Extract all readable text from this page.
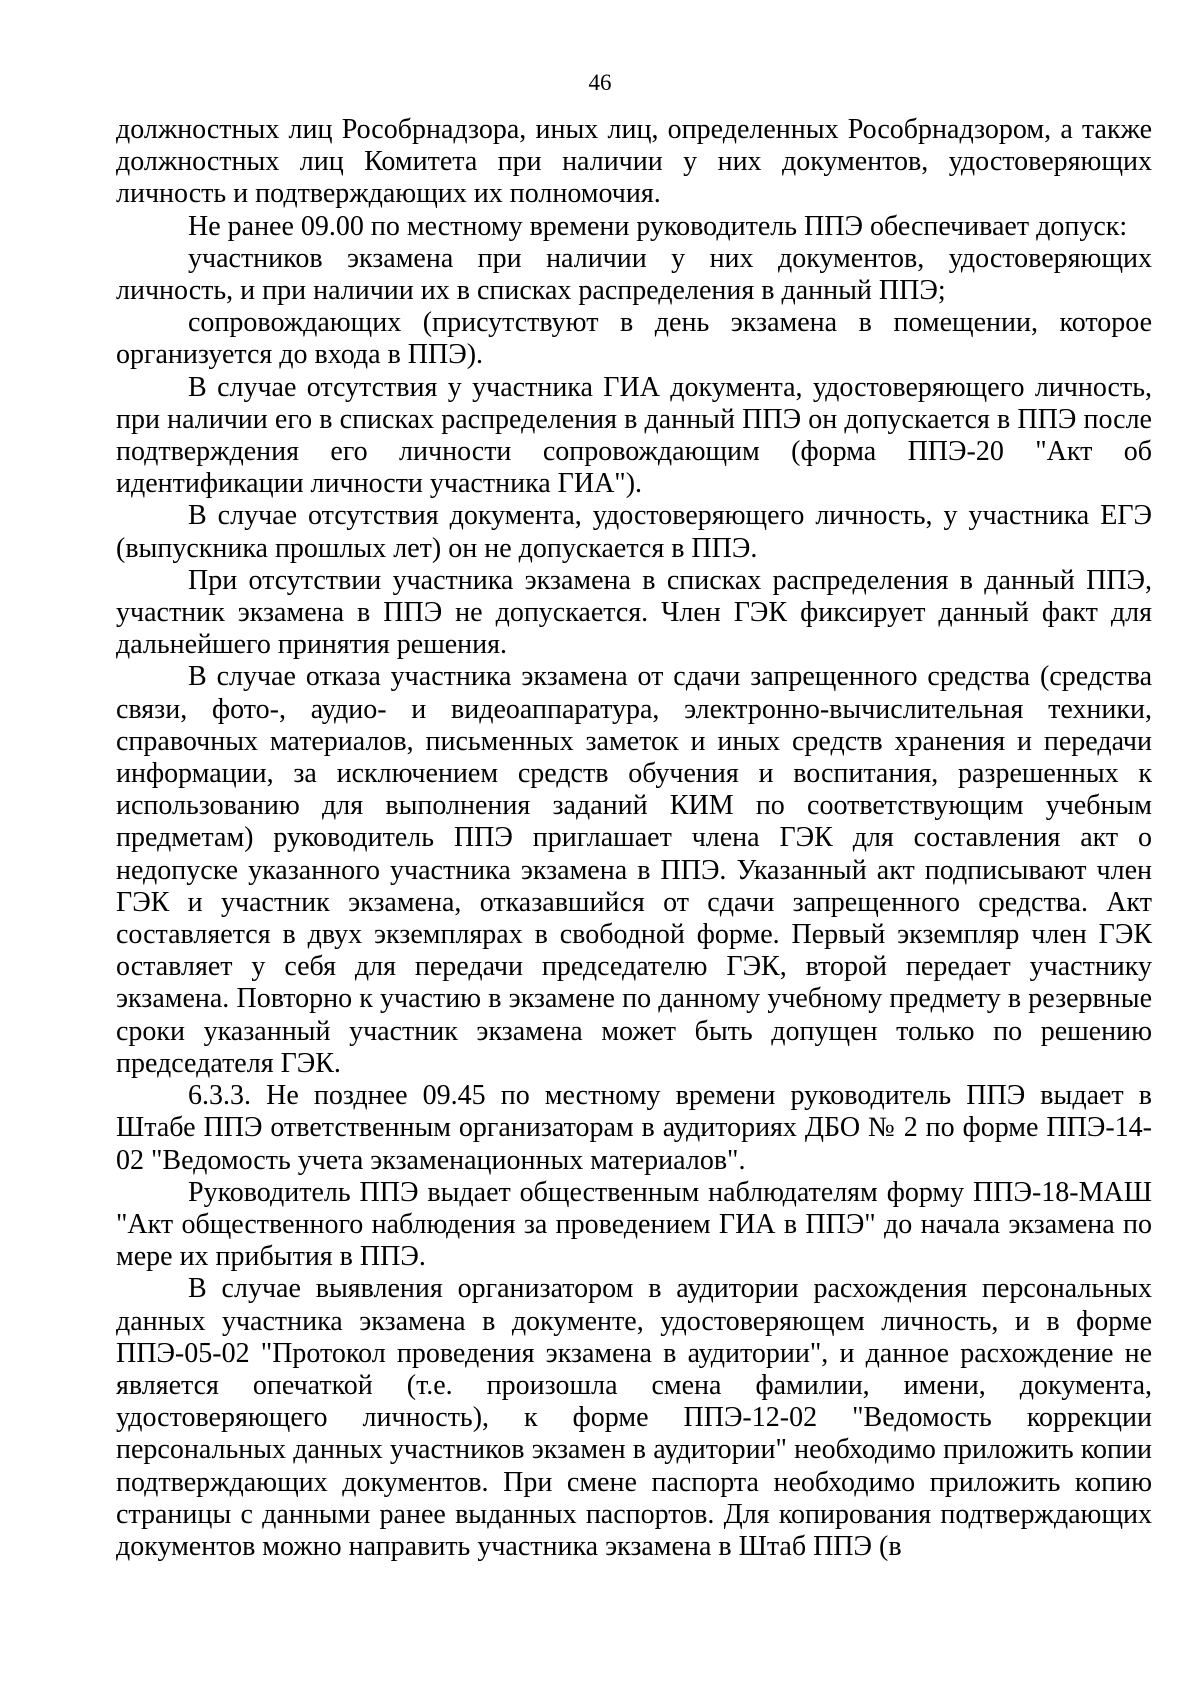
46

должностных лиц Рособрнадзора, иных лиц, определенных Рособрнадзором, а также должностных лиц Комитета при наличии у них документов, удостоверяющих личность и подтверждающих их полномочия.

Не ранее 09.00 по местному времени руководитель ППЭ обеспечивает допуск:

участников экзамена при наличии у них документов, удостоверяющих личность, и при наличии их в списках распределения в данный ППЭ;

сопровождающих (присутствуют в день экзамена в помещении, которое организуется до входа в ППЭ).

В случае отсутствия у участника ГИА документа, удостоверяющего личность, при наличии его в списках распределения в данный ППЭ он допускается в ППЭ после подтверждения его личности сопровождающим (форма ППЭ-20 "Акт об идентификации личности участника ГИА").

В случае отсутствия документа, удостоверяющего личность, у участника ЕГЭ (выпускника прошлых лет) он не допускается в ППЭ.

При отсутствии участника экзамена в списках распределения в данный ППЭ, участник экзамена в ППЭ не допускается. Член ГЭК фиксирует данный факт для дальнейшего принятия решения.

В случае отказа участника экзамена от сдачи запрещенного средства (средства связи, фото-, аудио- и видеоаппаратура, электронно-вычислительная техники, справочных материалов, письменных заметок и иных средств хранения и передачи информации, за исключением средств обучения и воспитания, разрешенных к использованию для выполнения заданий КИМ по соответствующим учебным предметам) руководитель ППЭ приглашает члена ГЭК для составления акт о недопуске указанного участника экзамена в ППЭ. Указанный акт подписывают член ГЭК и участник экзамена, отказавшийся от сдачи запрещенного средства. Акт составляется в двух экземплярах в свободной форме. Первый экземпляр член ГЭК оставляет у себя для передачи председателю ГЭК, второй передает участнику экзамена. Повторно к участию в экзамене по данному учебному предмету в резервные сроки указанный участник экзамена может быть допущен только по решению председателя ГЭК.

6.3.3. Не позднее 09.45 по местному времени руководитель ППЭ выдает в Штабе ППЭ ответственным организаторам в аудиториях ДБО № 2 по форме ППЭ-14-02 "Ведомость учета экзаменационных материалов".

Руководитель ППЭ выдает общественным наблюдателям форму ППЭ-18-МАШ "Акт общественного наблюдения за проведением ГИА в ППЭ" до начала экзамена по мере их прибытия в ППЭ.

В случае выявления организатором в аудитории расхождения персональных данных участника экзамена в документе, удостоверяющем личность, и в форме ППЭ-05-02 "Протокол проведения экзамена в аудитории", и данное расхождение не является опечаткой (т.е. произошла смена фамилии, имени, документа, удостоверяющего личность), к форме ППЭ-12-02 "Ведомость коррекции персональных данных участников экзамен в аудитории" необходимо приложить копии подтверждающих документов. При смене паспорта необходимо приложить копию страницы с данными ранее выданных паспортов. Для копирования подтверждающих документов можно направить участника экзамена в Штаб ППЭ (в
